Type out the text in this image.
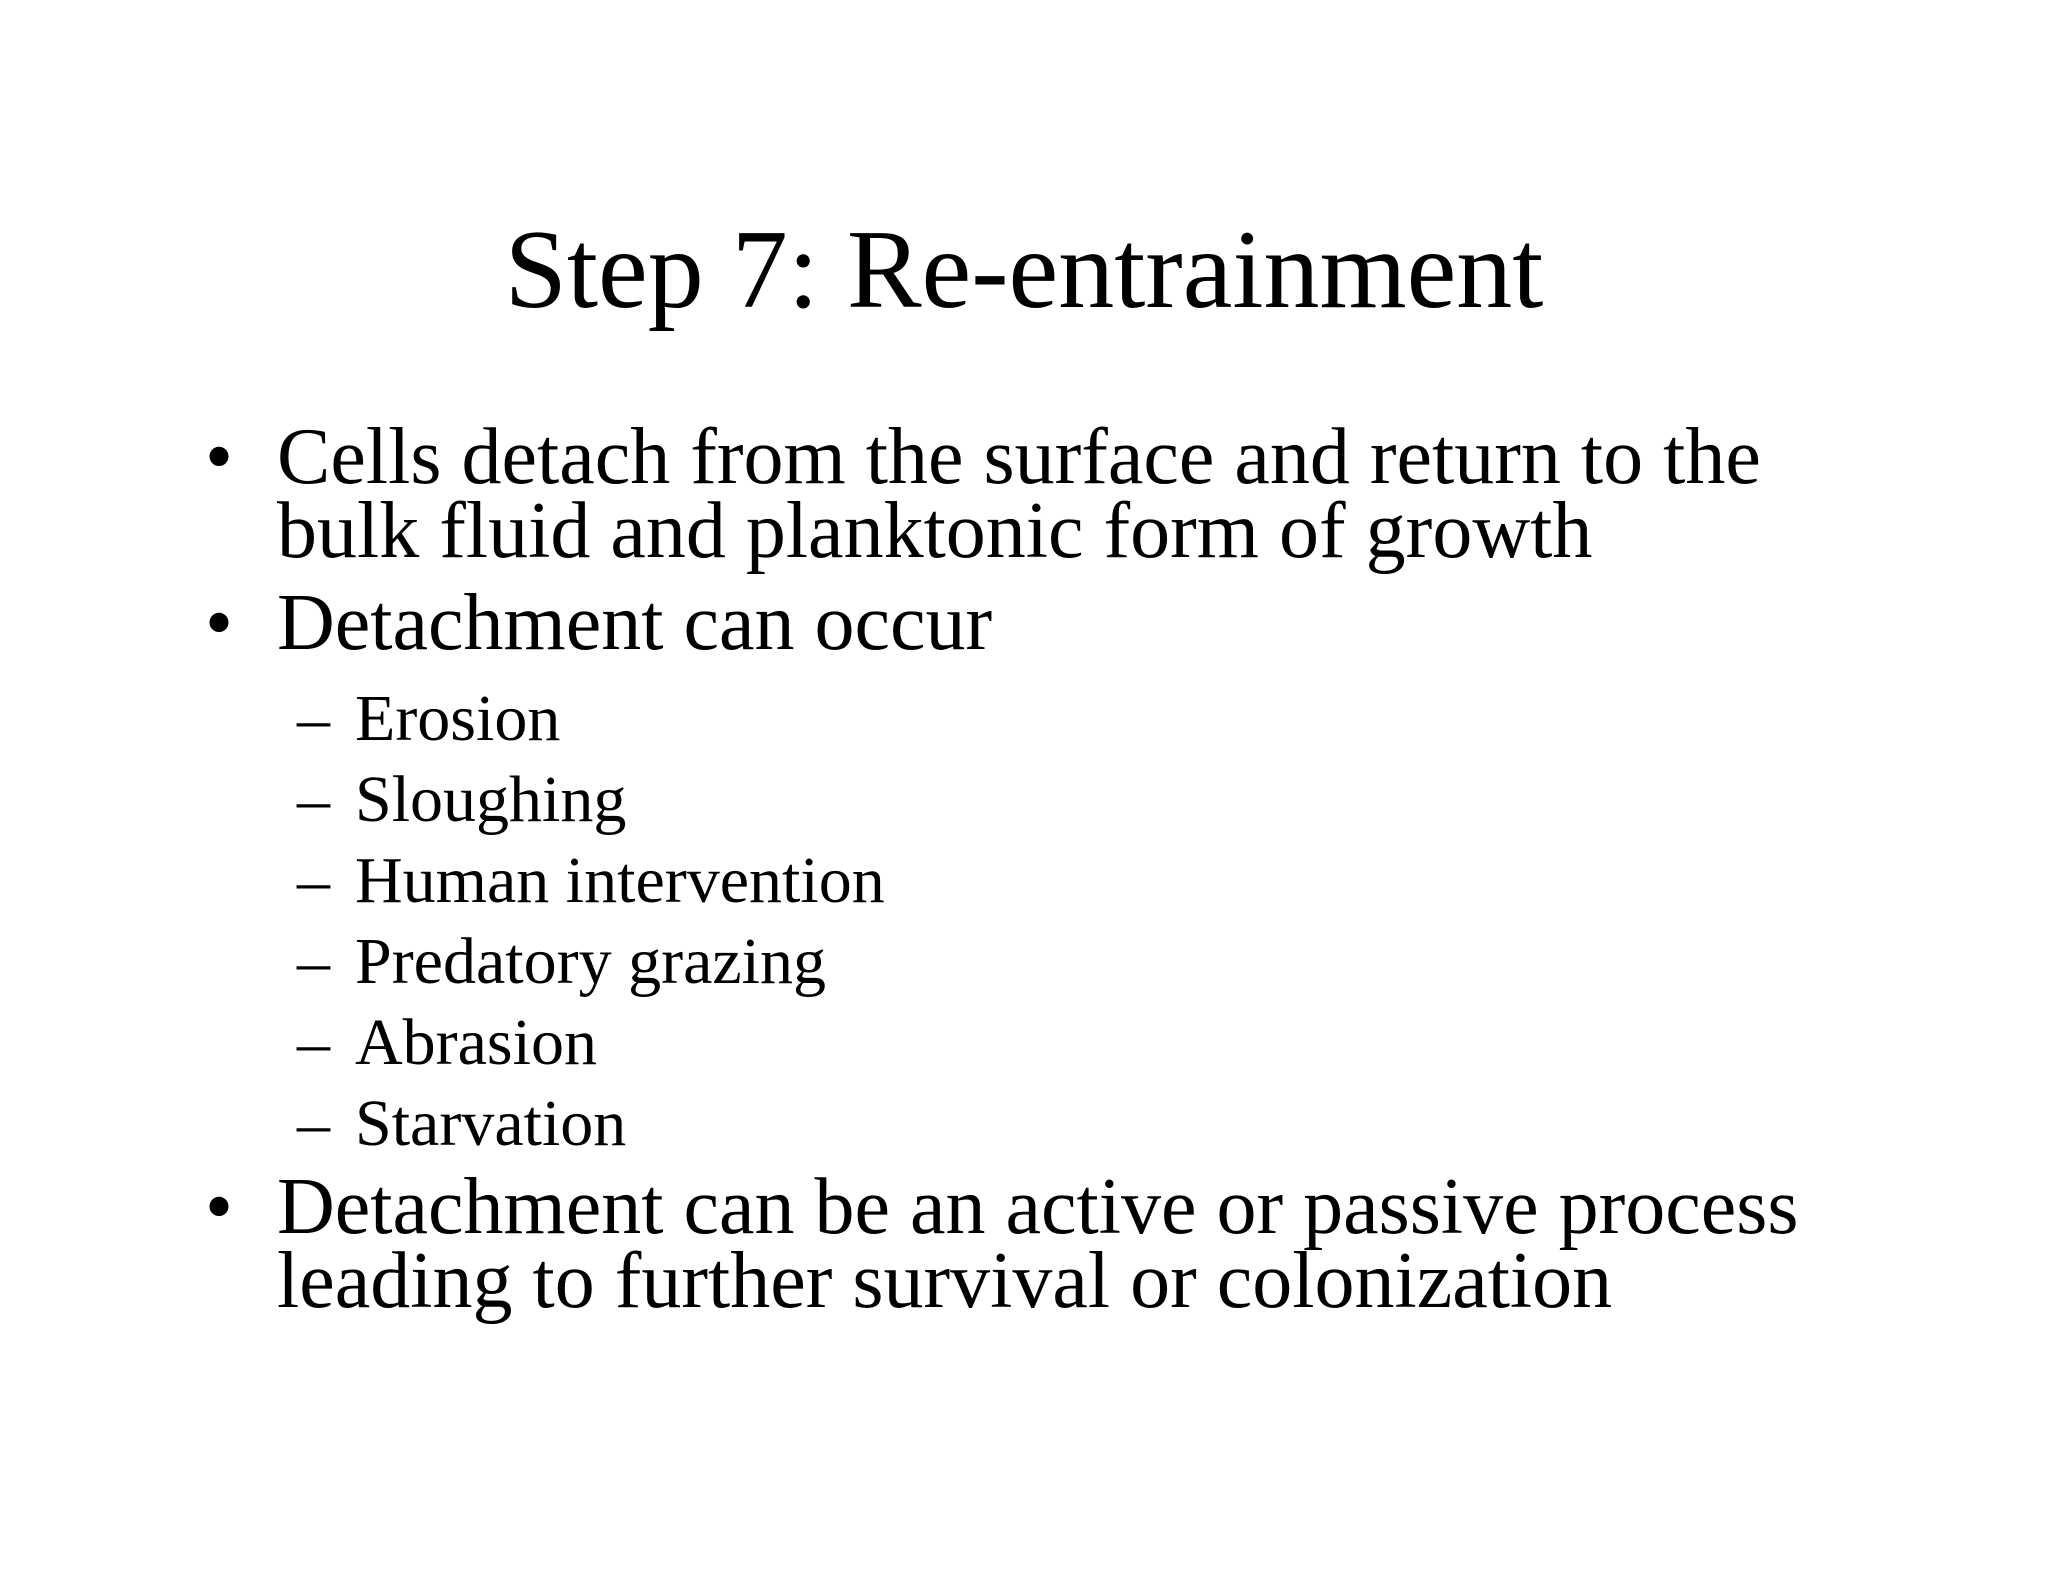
Step 7: Re-entrainment
• Cells detach from the surface and return to the bulk fluid and planktonic form of growth
• Detachment can occur
– Erosion
– Sloughing
– Human intervention
– Predatory grazing
– Abrasion
– Starvation
• Detachment can be an active or passive process leading to further survival or colonization
